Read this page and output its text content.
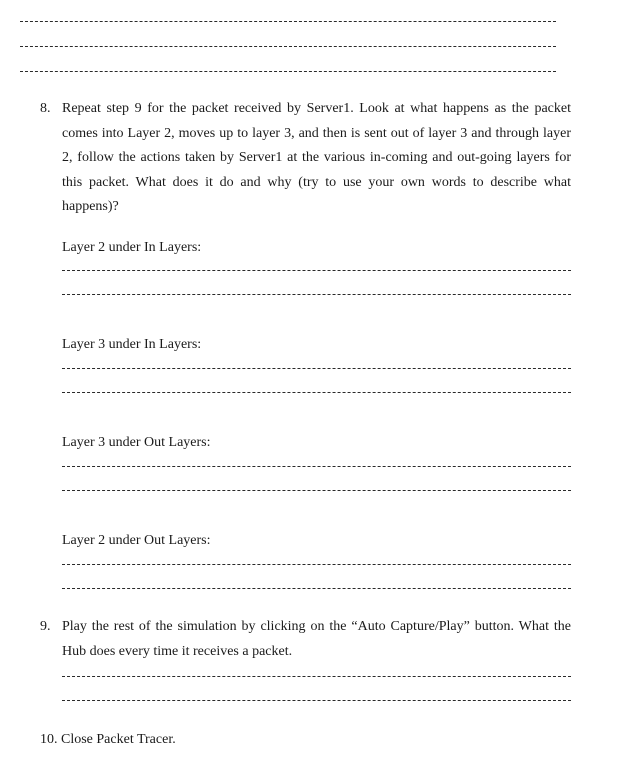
8. Repeat step 9 for the packet received by Server1. Look at what happens as the packet comes into Layer 2, moves up to layer 3, and then is sent out of layer 3 and through layer 2, follow the actions taken by Server1 at the various in-coming and out-going layers for this packet. What does it do and why (try to use your own words to describe what happens)?
Layer 2 under In Layers:
Layer 3 under In Layers:
Layer 3 under Out Layers:
Layer 2 under Out Layers:
9. Play the rest of the simulation by clicking on the “Auto Capture/Play” button. What the Hub does every time it receives a packet.
10. Close Packet Tracer.
